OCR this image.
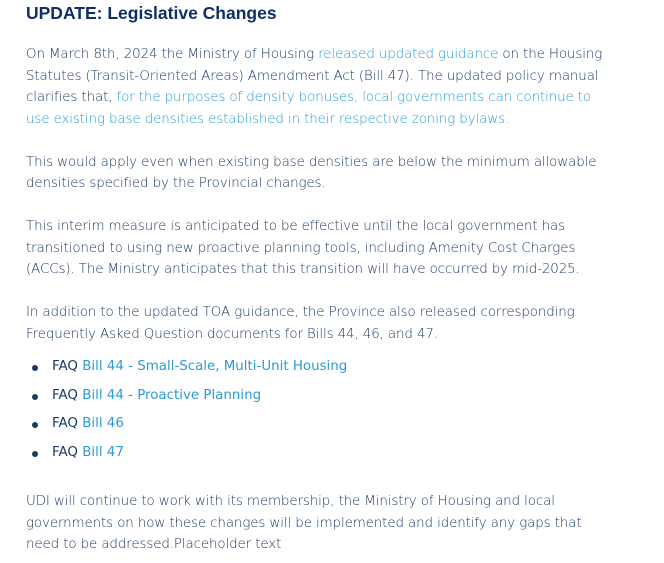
UPDATE: Legislative Changes

On March 8th, 2024 the Ministry of Housing released updated guidance on the Housing Statutes (Transit-Oriented Areas) Amendment Act (Bill 47). The updated policy manual clarifies that, for the purposes of density bonuses, local governments can continue to use existing base densities established in their respective zoning bylaws.

This would apply even when existing base densities are below the minimum allowable densities specified by the Provincial changes.

This interim measure is anticipated to be effective until the local government has transitioned to using new proactive planning tools, including Amenity Cost Charges (ACCs). The Ministry anticipates that this transition will have occurred by mid-2025.

In addition to the updated TOA guidance, the Province also released corresponding Frequently Asked Question documents for Bills 44, 46, and 47.

FAQ Bill 44 - Small-Scale, Multi-Unit Housing
FAQ Bill 44 - Proactive Planning
FAQ Bill 46
FAQ Bill 47

UDI will continue to work with its membership, the Ministry of Housing and local governments on how these changes will be implemented and identify any gaps that need to be addressed.Placeholder text
